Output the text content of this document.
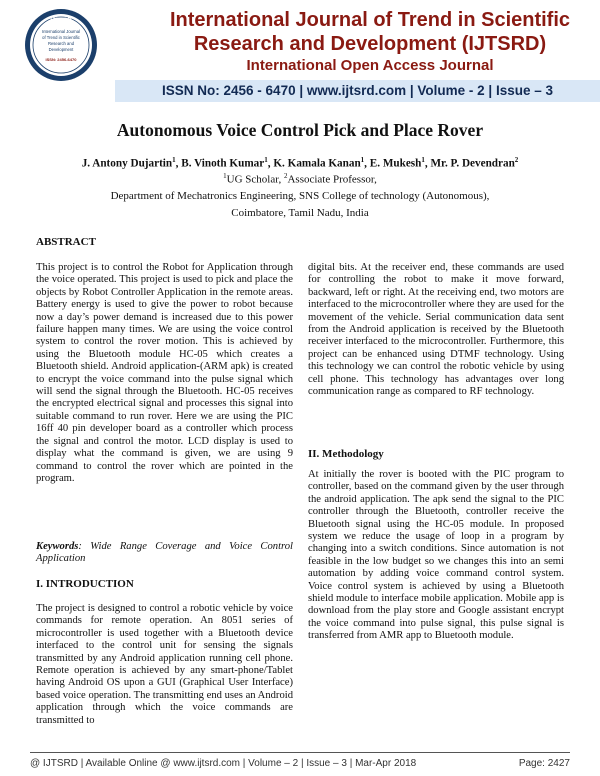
IJTSRD
International Journal
of Trend in Scientific
Research and
Development
ISSN: 2456-6470
International Journal of Trend in Scientific
Research and Development (IJTSRD)
International Open Access Journal
ISSN No: 2456 - 6470 | www.ijtsrd.com | Volume - 2 | Issue – 3
Autonomous Voice Control Pick and Place Rover
J. Antony Dujartin$^1$, B. Vinoth Kumar$^1$, K. Kamala Kanan$^1$, E. Mukesh$^1$, Mr. P. Devendran$^2$
$^1$UG Scholar, $^2$Associate Professor,
Department of Mechatronics Engineering, SNS College of technology (Autonomous),
Coimbatore, Tamil Nadu, India
ABSTRACT
This project is to control the Robot for Application through the voice operated. This project is used to pick and place the objects by Robot Controller Application in the remote areas. Battery energy is used to give the power to robot because now a day’s power demand is increased due to this power failure happen many times. We are using the voice control system to control the rover motion. This is achieved by using the Bluetooth module HC-05 which creates a Bluetooth shield. Android application-(ARM apk) is created to encrypt the voice command into the pulse signal which will send the signal through the Bluetooth. HC-05 receives the encrypted electrical signal and processes this signal into suitable command to run rover. Here we are using the PIC 16ff 40 pin developer board as a controller which process the signal and control the motor. LCD display is used to display what the command is given, we are using 9 command to control the rover which are pointed in the program.
Keywords: Wide Range Coverage and Voice Control Application
I. INTRODUCTION
The project is designed to control a robotic vehicle by voice commands for remote operation. An 8051 series of microcontroller is used together with a Bluetooth device interfaced to the control unit for sensing the signals transmitted by any Android application running cell phone. Remote operation is achieved by any smart-phone/Tablet having Android OS upon a GUI (Graphical User Interface) based voice operation. The transmitting end uses an Android application through which the voice commands are transmitted to
digital bits. At the receiver end, these commands are used for controlling the robot to make it move forward, backward, left or right. At the receiving end, two motors are interfaced to the microcontroller where they are used for the movement of the vehicle. Serial communication data sent from the Android application is received by the Bluetooth receiver interfaced to the microcontroller. Furthermore, this project can be enhanced using DTMF technology. Using this technology we can control the robotic vehicle by using cell phone. This technology has advantages over long communication range as compared to RF technology.
II. Methodology
At initially the rover is booted with the PIC program to controller, based on the command given by the user through the android application. The apk send the signal to the PIC controller through the Bluetooth, controller receive the Bluetooth signal using the HC-05 module. In proposed system we reduce the usage of loop in a program by changing into a switch conditions. Since automation is not feasible in the low budget so we changes this into an semi automation by adding voice command control system. Voice control system is achieved by using a Bluetooth shield module to interface mobile application. Mobile app is download from the play store and Google assistant encrypt the voice command into pulse signal, this pulse signal is transferred from AMR app to Bluetooth module.
@ IJTSRD | Available Online @ www.ijtsrd.com | Volume – 2 | Issue – 3 | Mar-Apr 2018	Page: 2427
